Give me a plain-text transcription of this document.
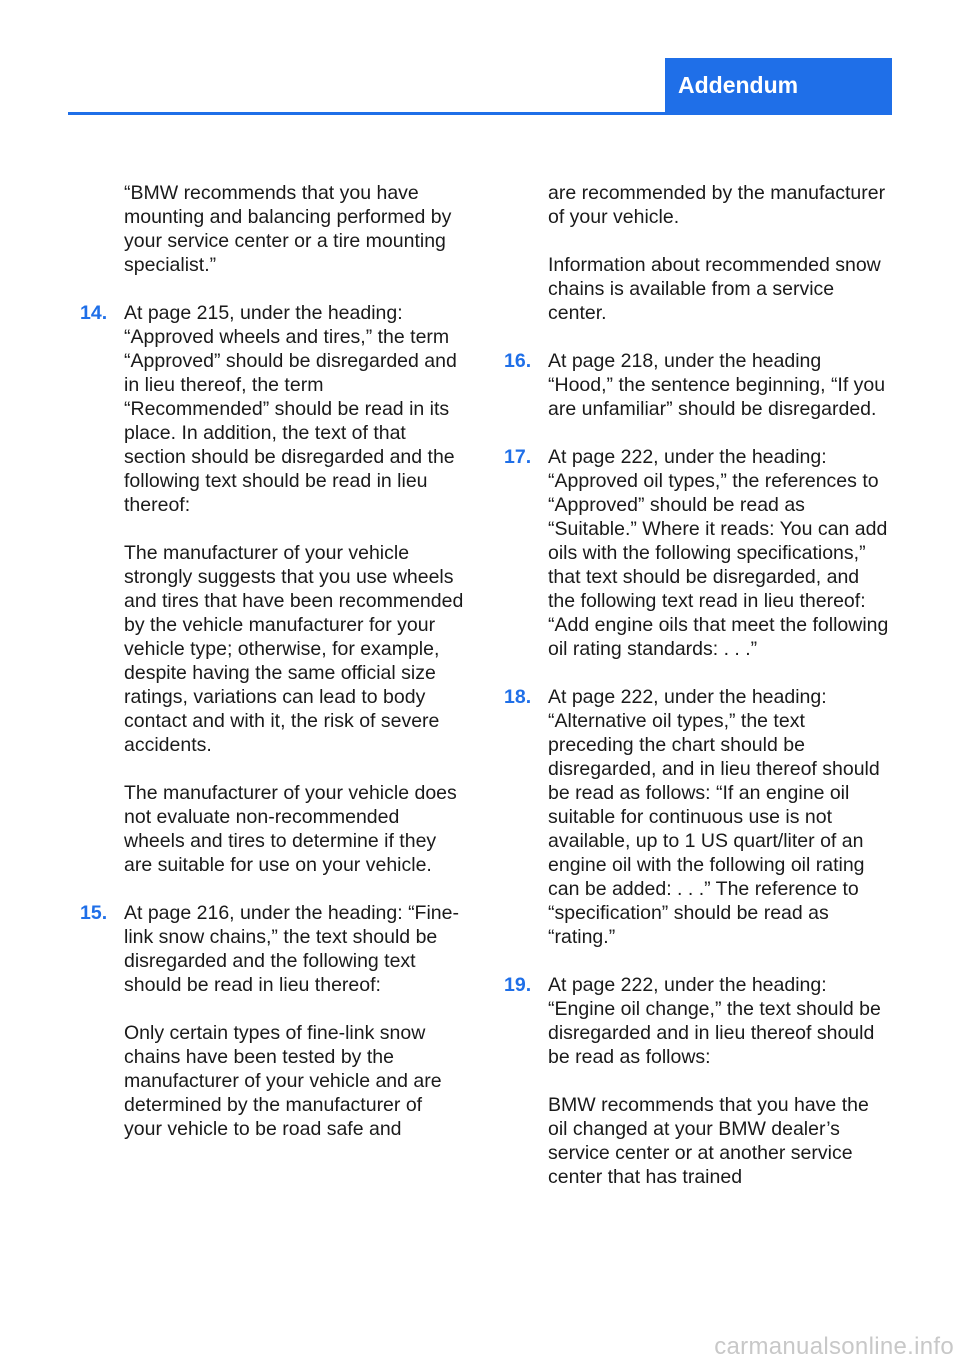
Addendum

“BMW recommends that you have mounting and balancing performed by your service center or a tire mounting specialist.”

14. At page 215, under the heading: “Approved wheels and tires,” the term “Approved” should be disregarded and in lieu thereof, the term “Recommended” should be read in its place. In addition, the text of that section should be disregarded and the following text should be read in lieu thereof:

The manufacturer of your vehicle strongly suggests that you use wheels and tires that have been recommended by the vehicle manufacturer for your vehicle type; otherwise, for example, despite having the same official size ratings, variations can lead to body contact and with it, the risk of severe accidents.

The manufacturer of your vehicle does not evaluate non-recommended wheels and tires to determine if they are suitable for use on your vehicle.

15. At page 216, under the heading: “Fine-link snow chains,” the text should be disregarded and the following text should be read in lieu thereof:

Only certain types of fine-link snow chains have been tested by the manufacturer of your vehicle and are determined by the manufacturer of your vehicle to be road safe and

are recommended by the manufacturer of your vehicle.

Information about recommended snow chains is available from a service center.

16. At page 218, under the heading “Hood,” the sentence beginning, “If you are unfamiliar” should be disregarded.
17. At page 222, under the heading: “Approved oil types,” the references to “Approved” should be read as “Suitable.” Where it reads: You can add oils with the following specifications,” that text should be disregarded, and the following text read in lieu thereof: “Add engine oils that meet the following oil rating standards: . . .”
18. At page 222, under the heading: “Alternative oil types,” the text preceding the chart should be disregarded, and in lieu thereof should be read as follows: “If an engine oil suitable for continuous use is not available, up to 1 US quart/liter of an engine oil with the following oil rating can be added: . . .” The reference to “specification” should be read as “rating.”
19. At page 222, under the heading: “Engine oil change,” the text should be disregarded and in lieu thereof should be read as follows:

BMW recommends that you have the oil changed at your BMW dealer’s service center or at another service center that has trained

carmanualsonline.info
